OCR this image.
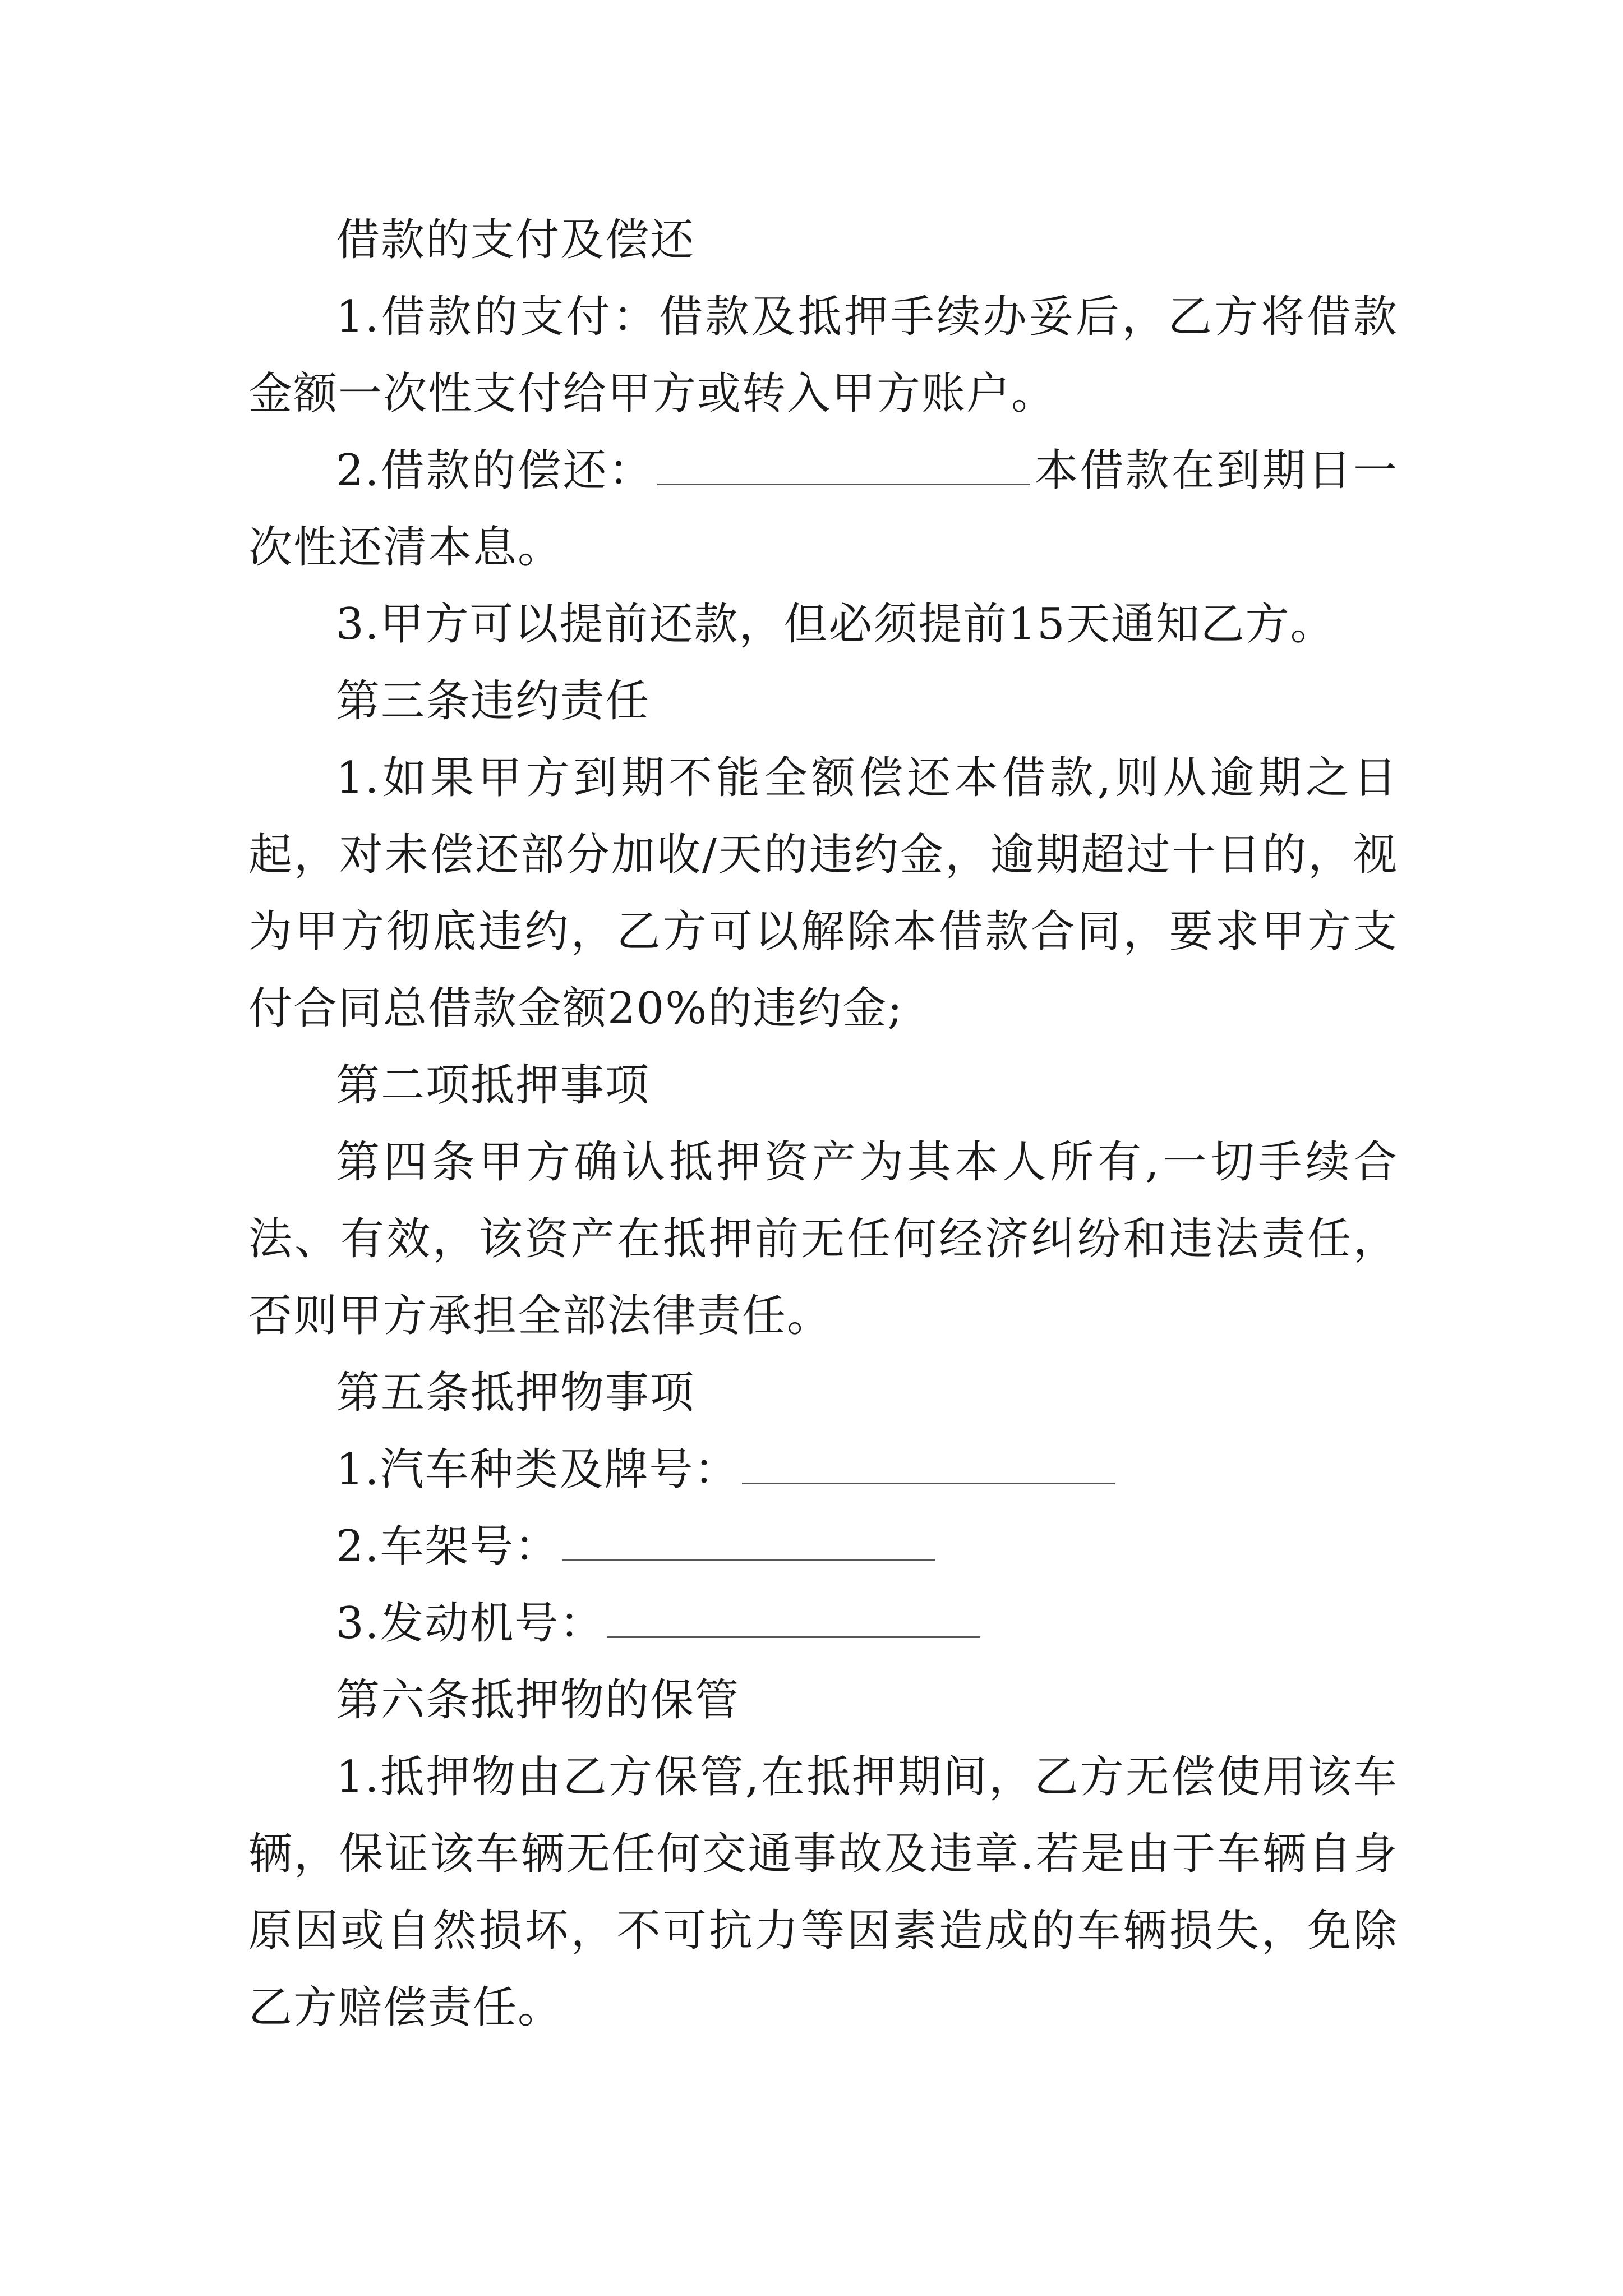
借款的支付及偿还

1.借款的支付：借款及抵押手续办妥后，乙方将借款金额一次性支付给甲方或转入甲方账户。

2.借款的偿还：	本借款在到期日一次性还清本息。

3.甲方可以提前还款，但必须提前15天通知乙方。

第三条违约责任

1.如果甲方到期不能全额偿还本借款,则从逾期之日起，对未偿还部分加收/天的违约金，逾期超过十日的，视为甲方彻底违约，乙方可以解除本借款合同，要求甲方支付合同总借款金额20%的违约金;

第二项抵押事项

第四条甲方确认抵押资产为其本人所有,一切手续合法、有效，该资产在抵押前无任何经济纠纷和违法责任，否则甲方承担全部法律责任。

第五条抵押物事项

1.汽车种类及牌号：

2.车架号：

3.发动机号：

第六条抵押物的保管

1.抵押物由乙方保管,在抵押期间，乙方无偿使用该车辆，保证该车辆无任何交通事故及违章.若是由于车辆自身原因或自然损坏，不可抗力等因素造成的车辆损失，免除乙方赔偿责任。
